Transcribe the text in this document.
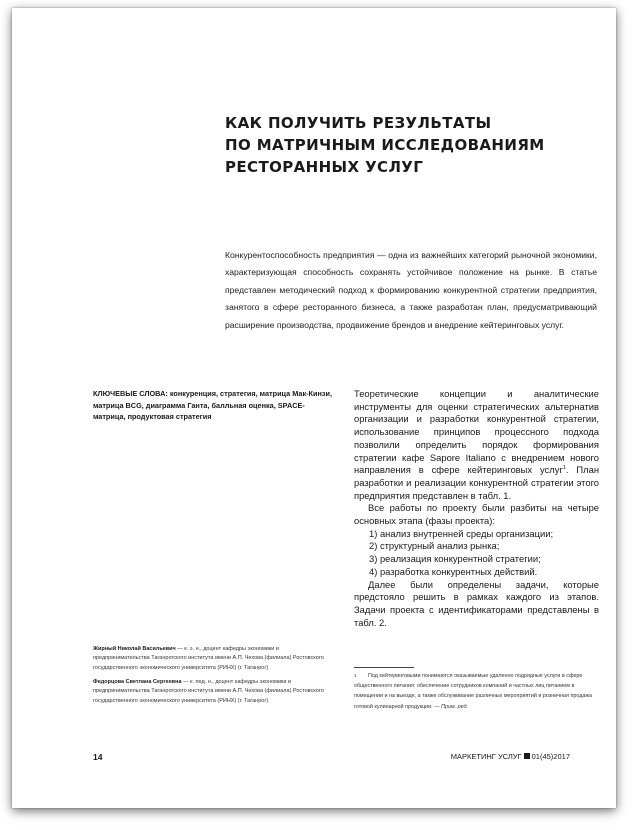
КАК ПОЛУЧИТЬ РЕЗУЛЬТАТЫ
ПО МАТРИЧНЫМ ИССЛЕДОВАНИЯМ
РЕСТОРАННЫХ УСЛУГ

Конкурентоспособность предприятия — одна из важнейших категорий рыночной экономики, характеризующая способность сохранять устойчивое положение на рынке. В статье представлен методический подход к формированию конкурентной стратегии предприятия, занятого в сфере ресторанного бизнеса, а также разработан план, предусматривающий расширение производства, продвижение брендов и внедрение кейтеринговых услуг.

КЛЮЧЕВЫЕ СЛОВА: конкуренция, стратегия, матрица Мак-Кинзи, матрица BCG, диаграмма Ганта, балльная оценка, SPACE-матрица, продуктовая стратегия

Теоретические концепции и аналитические инструменты для оценки стратегических альтернатив организации и разработки конкурентной стратегии, использование принципов процессного подхода позволили определить порядок формирования стратегии кафе Sapore Italiano с внедрением нового направления в сфере кейтеринговых услуг$^1$. План разработки и реализации конкурентной стратегии этого предприятия представлен в табл. 1.

Все работы по проекту были разбиты на четыре основных этапа (фазы проекта):

1) анализ внутренней среды организации;

2) структурный анализ рынка;

3) реализация конкурентной стратегии;

4) разработка конкурентных действий.

Далее были определены задачи, которые предстояло решить в рамках каждого из этапов. Задачи проекта с идентификаторами представлены в табл. 2.

1 Под кейтеринговыми понимаются оказываемые удаленно подрядные услуги в сфере общественного питания: обеспечение сотрудников компаний и частных лиц питанием в помещении и на выезде, а также обслуживание различных мероприятий и розничная продажа готовой кулинарной продукции. — Прим. ред.

Жирный Николай Васильевич — к. э. н., доцент кафедры экономики и предпринимательства Таганрогского института имени А.П. Чехова (филиала) Ростовского государственного экономического университета (РИНХ) (г. Таганрог)

Федорцова Светлана Сергеевна — к. пед. н., доцент кафедры экономики и предпринимательства Таганрогского института имени А.П. Чехова (филиала) Ростовского государственного экономического университета (РИНХ) (г. Таганрог)

14	МАРКЕТИНГ УСЛУГ 01(45)2017
